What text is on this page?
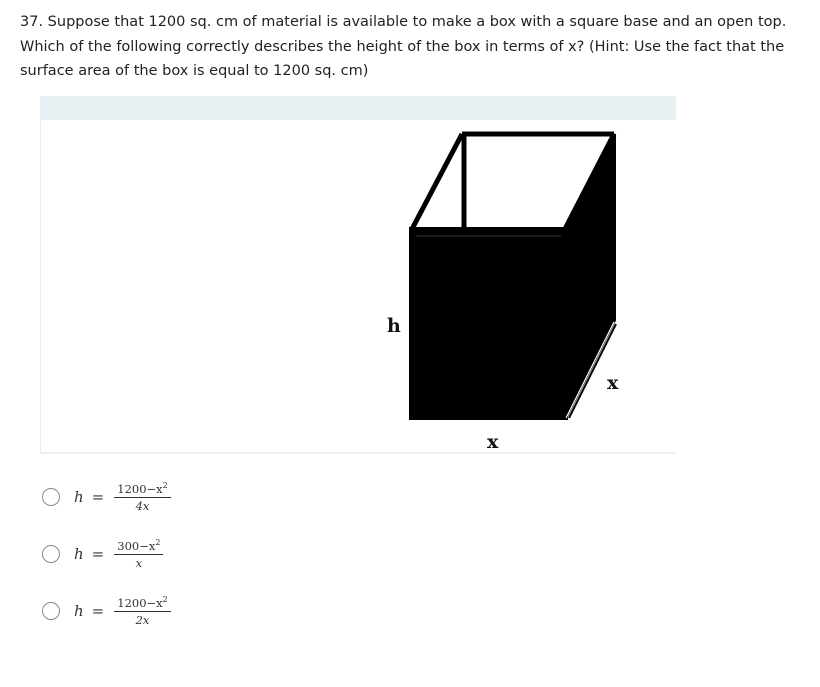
37. Suppose that 1200 sq. cm of material is available to make a box with a square base and an open top. Which of the following correctly describes the height of the box in terms of x? (Hint: Use the fact that the surface area of the box is equal to 1200 sq. cm)
h
x
x
$h = \frac{1200-x^2}{4x}$
$h = \frac{300-x^2}{x}$
$h = \frac{1200-x^2}{2x}$
